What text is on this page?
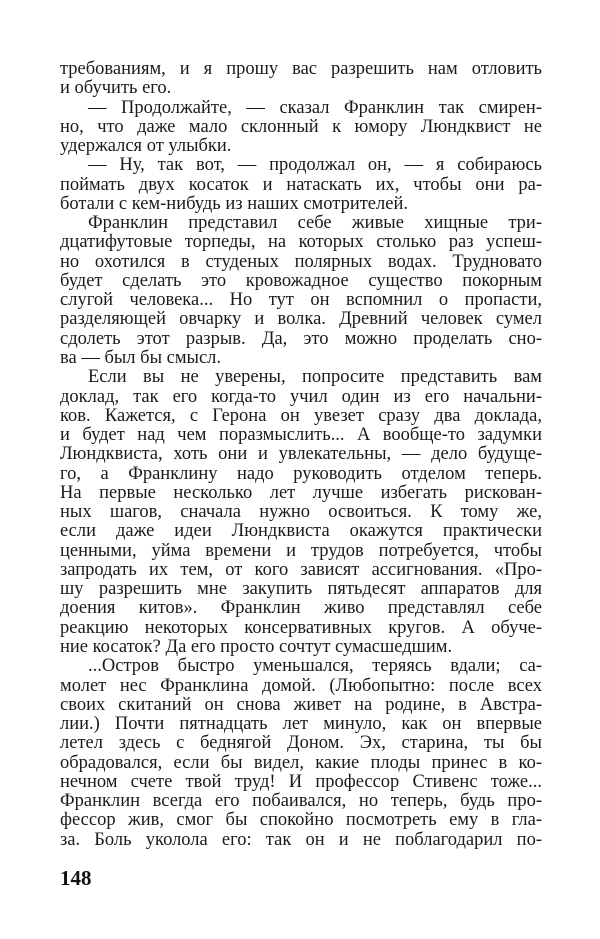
требованиям, и я прошу вас разрешить нам отловить
и обучить его.
— Продолжайте, — сказал Франклин так смирен-
но, что даже мало склонный к юмору Люндквист не
удержался от улыбки.
— Ну, так вот, — продолжал он, — я собираюсь
поймать двух косаток и натаскать их, чтобы они ра-
ботали с кем-нибудь из наших смотрителей.
Франклин представил себе живые хищные три-
дцатифутовые торпеды, на которых столько раз успеш-
но охотился в студеных полярных водах. Трудновато
будет сделать это кровожадное существо покорным
слугой человека... Но тут он вспомнил о пропасти,
разделяющей овчарку и волка. Древний человек сумел
сдолеть этот разрыв. Да, это можно проделать сно-
ва — был бы смысл.
Если вы не уверены, попросите представить вам
доклад, так его когда-то учил один из его начальни-
ков. Кажется, с Герона он увезет сразу два доклада,
и будет над чем поразмыслить... А вообще-то задумки
Люндквиста, хоть они и увлекательны, — дело будуще-
го, а Франклину надо руководить отделом теперь.
На первые несколько лет лучше избегать рискован-
ных шагов, сначала нужно освоиться. К тому же,
если даже идеи Люндквиста окажутся практически
ценными, уйма времени и трудов потребуется, чтобы
запродать их тем, от кого зависят ассигнования. «Про-
шу разрешить мне закупить пятьдесят аппаратов для
доения китов». Франклин живо представлял себе
реакцию некоторых консервативных кругов. А обуче-
ние косаток? Да его просто сочтут сумасшедшим.
...Остров быстро уменьшался, теряясь вдали; са-
молет нес Франклина домой. (Любопытно: после всех
своих скитаний он снова живет на родине, в Австра-
лии.) Почти пятнадцать лет минуло, как он впервые
летел здесь с беднягой Доном. Эх, старина, ты бы
обрадовался, если бы видел, какие плоды принес в ко-
нечном счете твой труд! И профессор Стивенс тоже...
Франклин всегда его побаивался, но теперь, будь про-
фессор жив, смог бы спокойно посмотреть ему в гла-
за. Боль уколола его: так он и не поблагодарил по-
148
